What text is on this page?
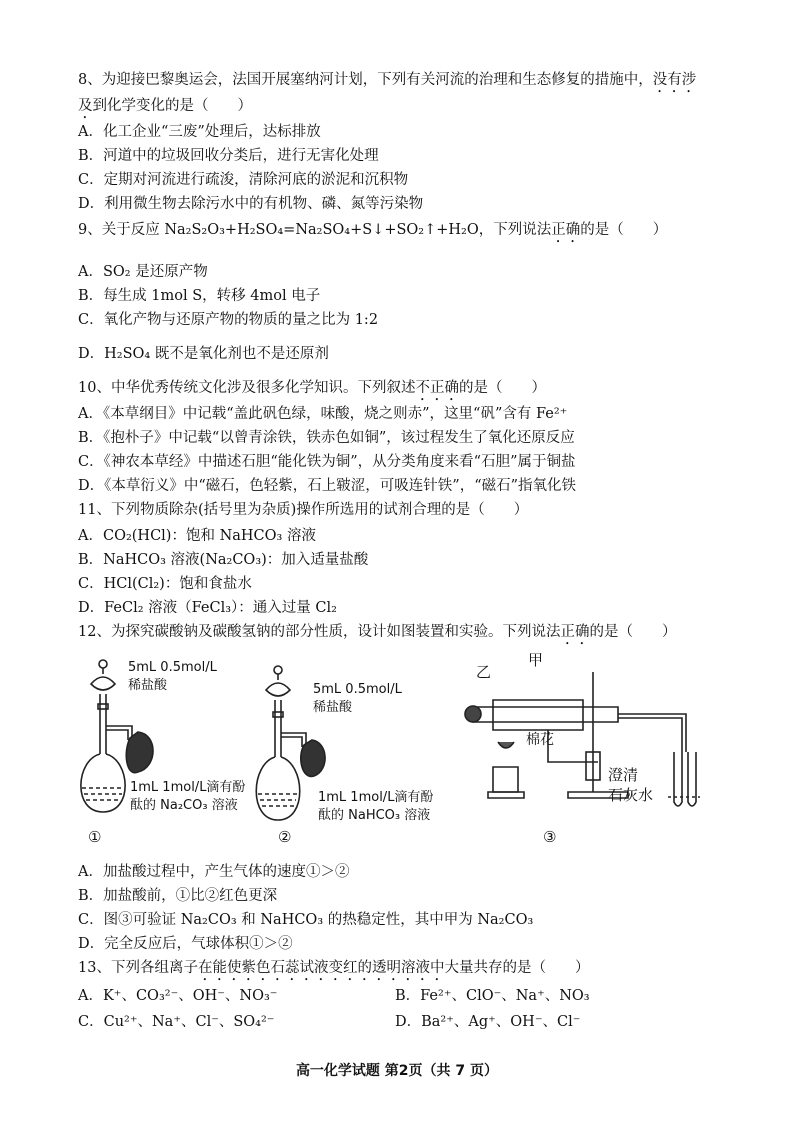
8、为迎接巴黎奥运会，法国开展塞纳河计划，下列有关河流的治理和生态修复的措施中，没有涉
及到化学变化的是（　　）
A．化工企业“三废”处理后，达标排放
B．河道中的垃圾回收分类后，进行无害化处理
C．定期对河流进行疏浚，清除河底的淤泥和沉积物
D．利用微生物去除污水中的有机物、磷、氮等污染物
9、关于反应 Na₂S₂O₃+H₂SO₄=Na₂SO₄+S↓+SO₂↑+H₂O，下列说法正确的是（　　）
A．SO₂ 是还原产物
B．每生成 1mol S，转移 4mol 电子
C．氧化产物与还原产物的物质的量之比为 1:2
D．H₂SO₄ 既不是氧化剂也不是还原剂
10、中华优秀传统文化涉及很多化学知识。下列叙述不正确的是（　　）
A．《本草纲目》中记载“盖此矾色绿，味酸，烧之则赤”，这里“矾”含有 Fe²⁺
B．《抱朴子》中记载“以曾青涂铁，铁赤色如铜”，该过程发生了氧化还原反应
C．《神农本草经》中描述石胆“能化铁为铜”，从分类角度来看“石胆”属于铜盐
D．《本草衍义》中“磁石，色轻紫，石上皲涩，可吸连针铁”，“磁石”指氧化铁
11、下列物质除杂(括号里为杂质)操作所选用的试剂合理的是（　　）
A．CO₂(HCl)：饱和 NaHCO₃ 溶液
B．NaHCO₃ 溶液(Na₂CO₃)：加入适量盐酸
C．HCl(Cl₂)：饱和食盐水
D．FeCl₂ 溶液（FeCl₃）：通入过量 Cl₂
12、为探究碳酸钠及碳酸氢钠的部分性质，设计如图装置和实验。下列说法正确的是（　　）
5mL 0.5mol/L
稀盐酸
1mL 1mol/L滴有酚
酞的 Na₂CO₃ 溶液
5mL 0.5mol/L
稀盐酸
1mL 1mol/L滴有酚
酞的 NaHCO₃ 溶液
乙
甲
棉花
澄清
石灰水
①	②	③
A．加盐酸过程中，产生气体的速度①＞②
B．加盐酸前，①比②红色更深
C．图③可验证 Na₂CO₃ 和 NaHCO₃ 的热稳定性，其中甲为 Na₂CO₃
D．完全反应后，气球体积①＞②
13、下列各组离子在能使紫色石蕊试液变红的透明溶液中大量共存的是（　　）
A．K⁺、CO₃²⁻、OH⁻、NO₃⁻	B．Fe²⁺、ClO⁻、Na⁺、NO₃
C．Cu²⁺、Na⁺、Cl⁻、SO₄²⁻	D．Ba²⁺、Ag⁺、OH⁻、Cl⁻
高一化学试题 第2页（共 7 页）
